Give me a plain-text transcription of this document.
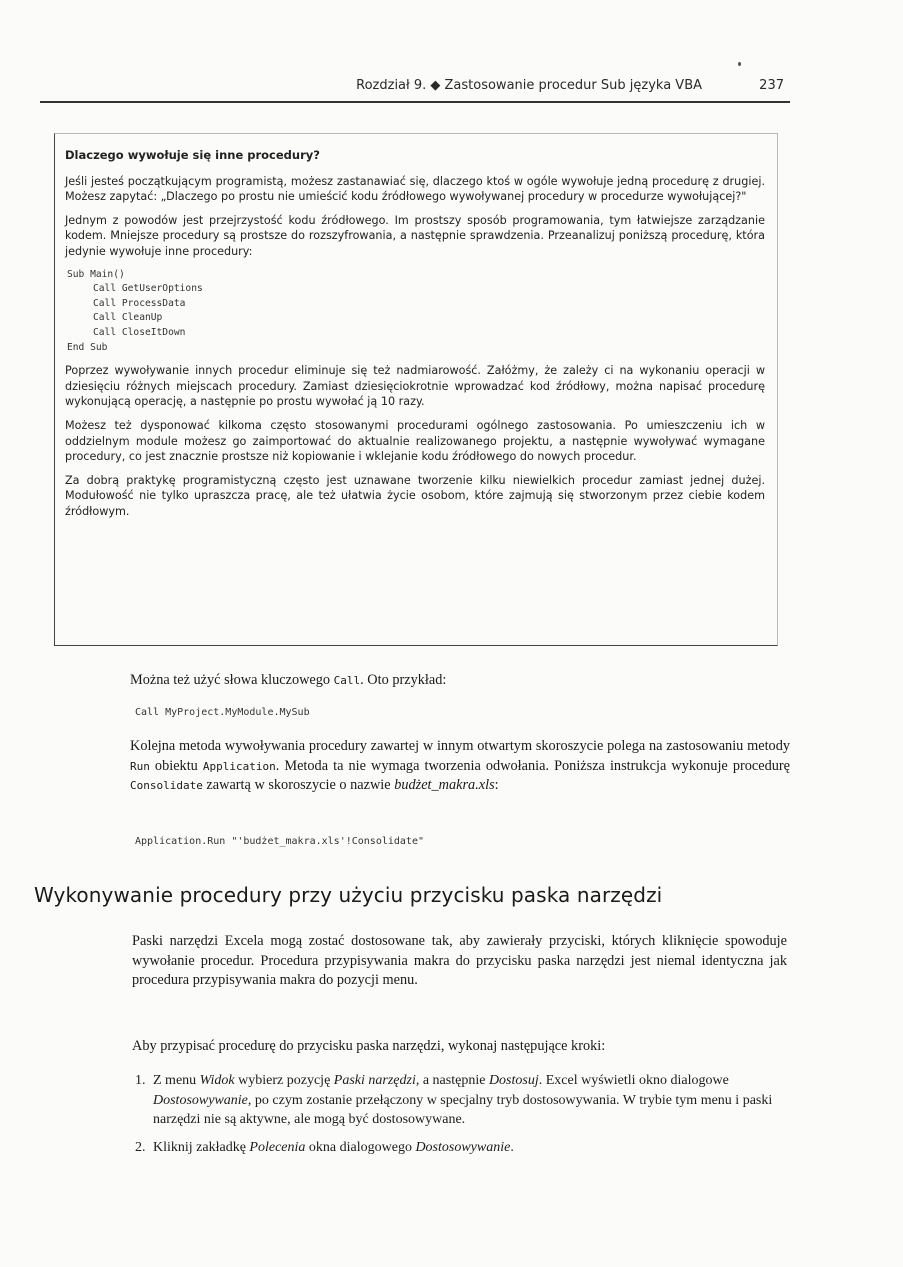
Rozdział 9. ◆ Zastosowanie procedur Sub języka VBA	237

Dlaczego wywołuje się inne procedury?

Jeśli jesteś początkującym programistą, możesz zastanawiać się, dlaczego ktoś w ogóle wywołuje jedną procedurę z drugiej. Możesz zapytać: „Dlaczego po prostu nie umieścić kodu źródłowego wywoływanej procedury w procedurze wywołującej?"

Jednym z powodów jest przejrzystość kodu źródłowego. Im prostszy sposób programowania, tym łatwiejsze zarządzanie kodem. Mniejsze procedury są prostsze do rozszyfrowania, a następnie sprawdzenia. Przeanalizuj poniższą procedurę, która jedynie wywołuje inne procedury:

Sub Main()
Call GetUserOptions
Call ProcessData
Call CleanUp
Call CloseItDown
End Sub

Poprzez wywoływanie innych procedur eliminuje się też nadmiarowość. Załóżmy, że zależy ci na wykonaniu operacji w dziesięciu różnych miejscach procedury. Zamiast dziesięciokrotnie wprowadzać kod źródłowy, można napisać procedurę wykonującą operację, a następnie po prostu wywołać ją 10 razy.

Możesz też dysponować kilkoma często stosowanymi procedurami ogólnego zastosowania. Po umieszczeniu ich w oddzielnym module możesz go zaimportować do aktualnie realizowanego projektu, a następnie wywoływać wymagane procedury, co jest znacznie prostsze niż kopiowanie i wklejanie kodu źródłowego do nowych procedur.

Za dobrą praktykę programistyczną często jest uznawane tworzenie kilku niewielkich procedur zamiast jednej dużej. Modułowość nie tylko upraszcza pracę, ale też ułatwia życie osobom, które zajmują się stworzonym przez ciebie kodem źródłowym.

Można też użyć słowa kluczowego Call. Oto przykład:
Call MyProject.MyModule.MySub
Kolejna metoda wywoływania procedury zawartej w innym otwartym skoroszycie polega na zastosowaniu metody Run obiektu Application. Metoda ta nie wymaga tworzenia odwołania. Poniższa instrukcja wykonuje procedurę Consolidate zawartą w skoroszycie o nazwie budżet_makra.xls:
Application.Run "'budżet_makra.xls'!Consolidate"
Wykonywanie procedury przy użyciu przycisku paska narzędzi
Paski narzędzi Excela mogą zostać dostosowane tak, aby zawierały przyciski, których kliknięcie spowoduje wywołanie procedur. Procedura przypisywania makra do przycisku paska narzędzi jest niemal identyczna jak procedura przypisywania makra do pozycji menu.
Aby przypisać procedurę do przycisku paska narzędzi, wykonaj następujące kroki:
1. Z menu Widok wybierz pozycję Paski narzędzi, a następnie Dostosuj. Excel wyświetli okno dialogowe Dostosowywanie, po czym zostanie przełączony w specjalny tryb dostosowywania. W trybie tym menu i paski narzędzi nie są aktywne, ale mogą być dostosowywane.
2. Kliknij zakładkę Polecenia okna dialogowego Dostosowywanie.
